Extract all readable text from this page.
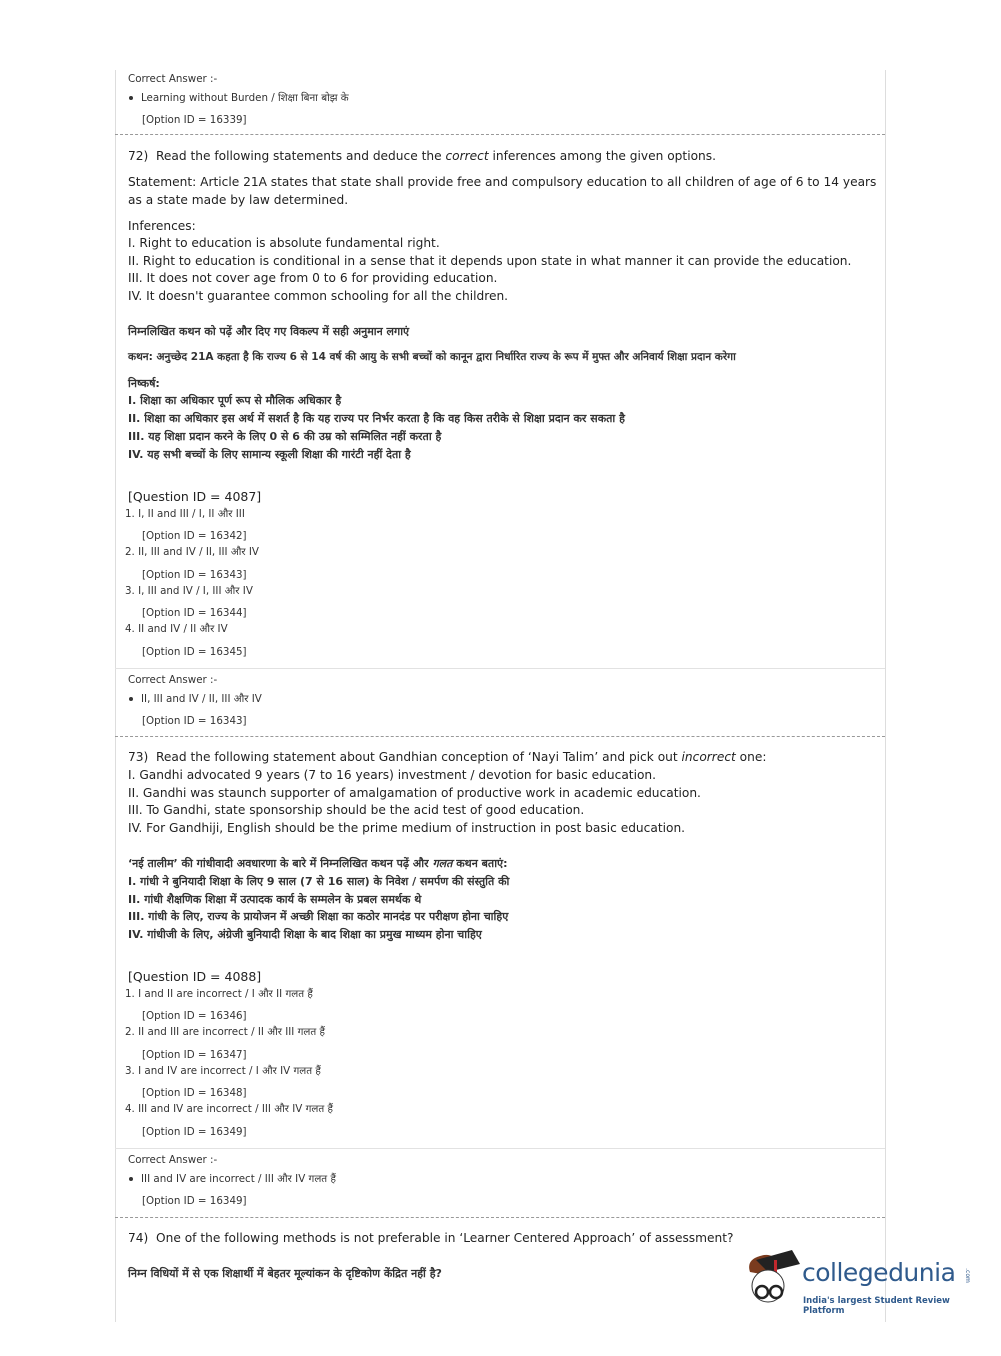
Correct Answer :-
Learning without Burden / शिक्षा बिना बोझ के
[Option ID = 16339]
72) Read the following statements and deduce the correct inferences among the given options.
Statement: Article 21A states that state shall provide free and compulsory education to all children of age of 6 to 14 years
as a state made by law determined.
Inferences:
I. Right to education is absolute fundamental right.
II. Right to education is conditional in a sense that it depends upon state in what manner it can provide the education.
III. It does not cover age from 0 to 6 for providing education.
IV. It doesn't guarantee common schooling for all the children.
निम्नलिखित कथन को पढ़ें और दिए गए विकल्प में सही अनुमान लगाएं
कथन: अनुच्छेद 21A कहता है कि राज्य 6 से 14 वर्ष की आयु के सभी बच्चों को कानून द्वारा निर्धारित राज्य के रूप में मुफ्त और अनिवार्य शिक्षा प्रदान करेगा
निष्कर्ष:
I. शिक्षा का अधिकार पूर्ण रूप से मौलिक अधिकार है
II. शिक्षा का अधिकार इस अर्थ में सशर्त है कि यह राज्य पर निर्भर करता है कि वह किस तरीके से शिक्षा प्रदान कर सकता है
III. यह शिक्षा प्रदान करने के लिए 0 से 6 की उम्र को सम्मिलित नहीं करता है
IV. यह सभी बच्चों के लिए सामान्य स्कूली शिक्षा की गारंटी नहीं देता है
[Question ID = 4087]
1. I, II and III / I, II और III
[Option ID = 16342]
2. II, III and IV / II, III और IV
[Option ID = 16343]
3. I, III and IV / I, III और IV
[Option ID = 16344]
4. II and IV / II और IV
[Option ID = 16345]
Correct Answer :-
II, III and IV / II, III और IV
[Option ID = 16343]
73) Read the following statement about Gandhian conception of ‘Nayi Talim’ and pick out incorrect one:
I. Gandhi advocated 9 years (7 to 16 years) investment / devotion for basic education.
II. Gandhi was staunch supporter of amalgamation of productive work in academic education.
III. To Gandhi, state sponsorship should be the acid test of good education.
IV. For Gandhiji, English should be the prime medium of instruction in post basic education.
‘नई तालीम’ की गांधीवादी अवधारणा के बारे में निम्नलिखित कथन पढ़ें और गलत कथन बताएं:
I. गांधी ने बुनियादी शिक्षा के लिए 9 साल (7 से 16 साल) के निवेश / समर्पण की संस्तुति की
II. गांधी शैक्षणिक शिक्षा में उत्पादक कार्य के सम्मलेन के प्रबल समर्थक थे
III. गांधी के लिए, राज्य के प्रायोजन में अच्छी शिक्षा का कठोर मानदंड पर परीक्षण होना चाहिए
IV. गांधीजी के लिए, अंग्रेजी बुनियादी शिक्षा के बाद शिक्षा का प्रमुख माध्यम होना चाहिए
[Question ID = 4088]
1. I and II are incorrect / I और II गलत हैं
[Option ID = 16346]
2. II and III are incorrect / II और III गलत हैं
[Option ID = 16347]
3. I and IV are incorrect / I और IV गलत हैं
[Option ID = 16348]
4. III and IV are incorrect / III और IV गलत हैं
[Option ID = 16349]
Correct Answer :-
III and IV are incorrect / III और IV गलत हैं
[Option ID = 16349]
74) One of the following methods is not preferable in ‘Learner Centered Approach’ of assessment?
निम्न विधियों में से एक शिक्षार्थी में बेहतर मूल्यांकन के दृष्टिकोण केंद्रित नहीं है?	collegedunia .com
India's largest Student Review Platform
